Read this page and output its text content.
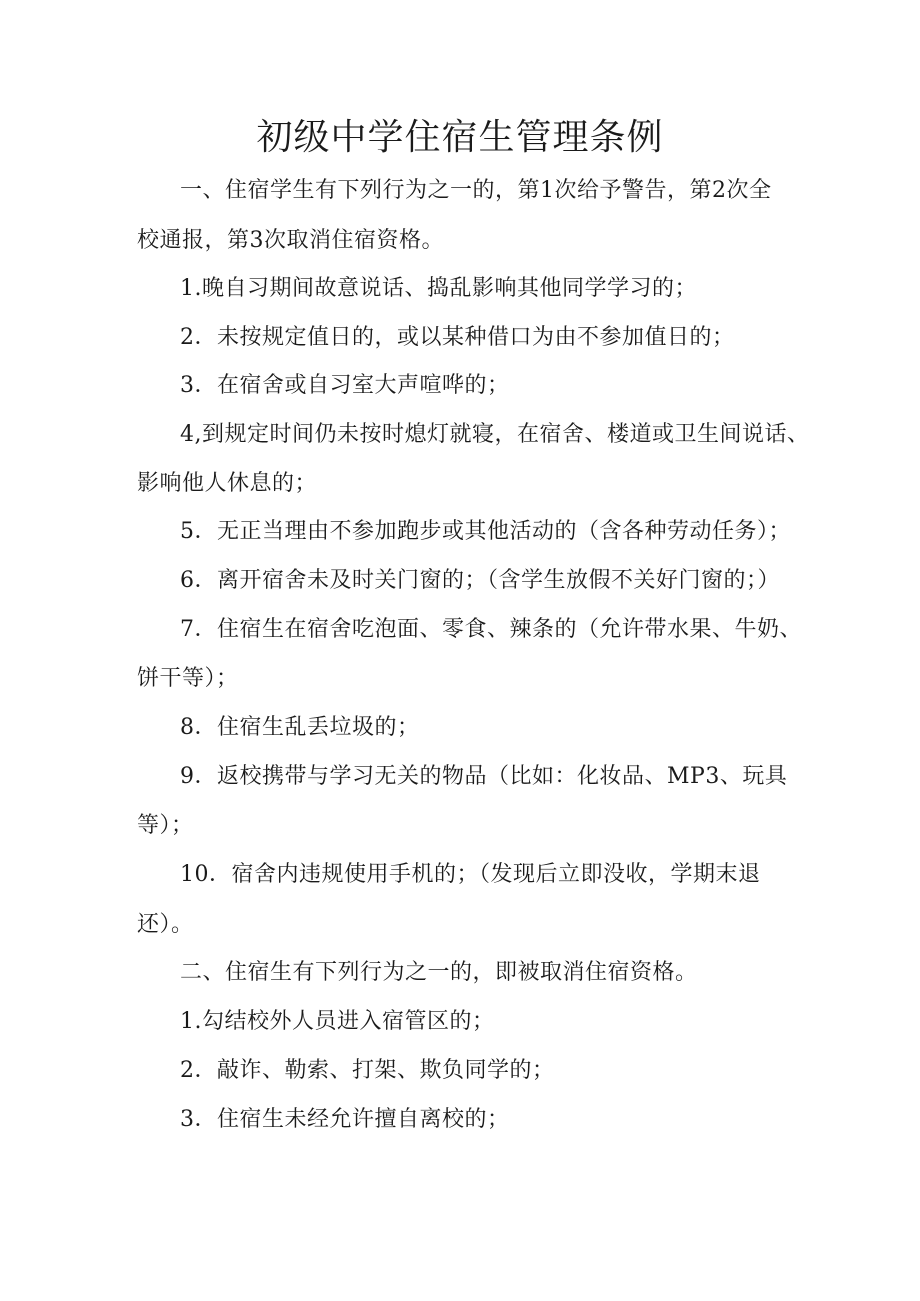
初级中学住宿生管理条例
一、住宿学生有下列行为之一的，第1次给予警告，第2次全
校通报，第3次取消住宿资格。
1.晚自习期间故意说话、捣乱影响其他同学学习的；
2．未按规定值日的，或以某种借口为由不参加值日的；
3．在宿舍或自习室大声喧哗的；
4,到规定时间仍未按时熄灯就寝，在宿舍、楼道或卫生间说话、
影响他人休息的；
5．无正当理由不参加跑步或其他活动的（含各种劳动任务）；
6．离开宿舍未及时关门窗的；（含学生放假不关好门窗的；）
7．住宿生在宿舍吃泡面、零食、辣条的（允许带水果、牛奶、
饼干等）；
8．住宿生乱丢垃圾的；
9．返校携带与学习无关的物品（比如：化妆品、MP3、玩具
等）；
10．宿舍内违规使用手机的；（发现后立即没收，学期末退
还）。
二、住宿生有下列行为之一的，即被取消住宿资格。
1.勾结校外人员进入宿管区的；
2．敲诈、勒索、打架、欺负同学的；
3．住宿生未经允许擅自离校的；
